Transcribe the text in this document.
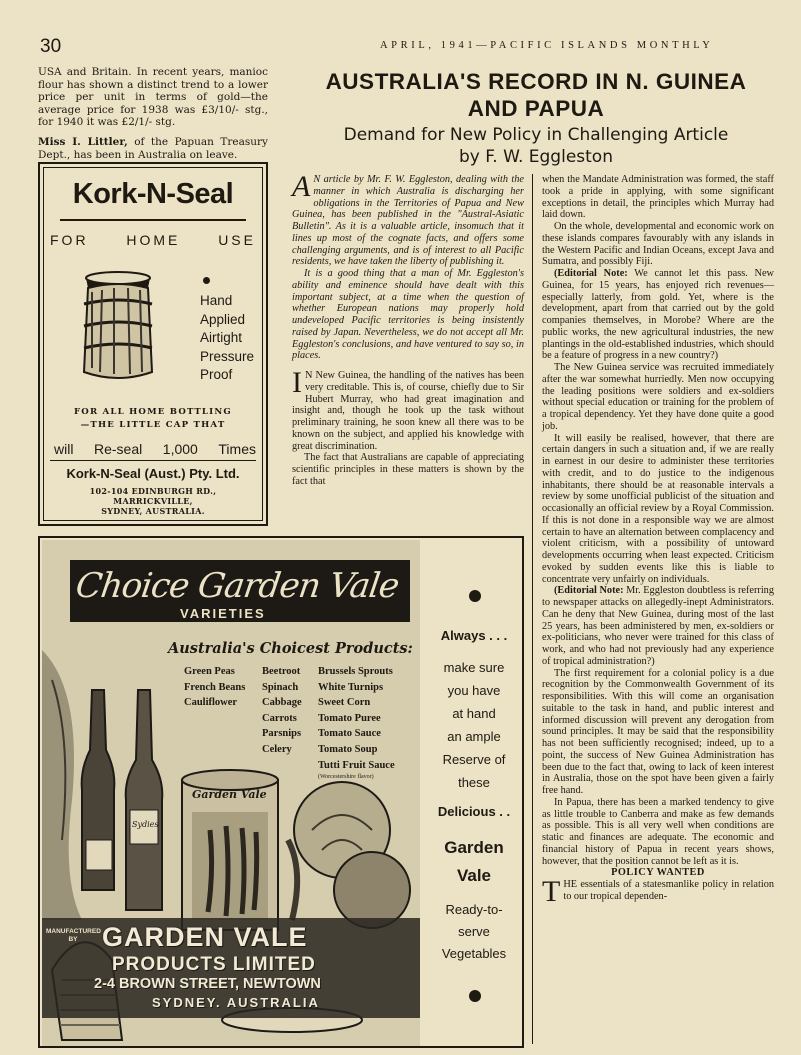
30	APRIL, 1941—PACIFIC ISLANDS MONTHLY

USA and Britain. In recent years, manioc flour has shown a distinct trend to a lower price per unit in terms of gold—the average price for 1938 was £3/10/- stg., for 1940 it was £2/1/- stg.

Miss I. Littler, of the Papuan Treasury Dept., has been in Australia on leave.

Kork-N-Seal
FOR	HOME	USE
Hand
Applied
Airtight
Pressure
Proof
FOR ALL HOME BOTTLING
—THE LITTLE CAP THAT
will Re-seal 1,000 Times
Kork-N-Seal (Aust.) Pty. Ltd.
102-104 EDINBURGH RD.,
MARRICKVILLE,
SYDNEY, AUSTRALIA.
Choice Garden Vale
VARIETIES
Australia's Choicest Products:
Green Peas
French Beans
Cauliflower
Beetroot
Spinach
Cabbage
Carrots
Parsnips
Celery
Brussels Sprouts
White Turnips
Sweet Corn
Tomato Puree
Tomato Sauce
Tomato Soup
Tutti Fruit Sauce
(Worcestershire flavor)
Garden Vale
Sydies
MANUFACTURED BY GARDEN VALE
PRODUCTS LIMITED
2-4 BROWN STREET, NEWTOWN
SYDNEY. AUSTRALIA
Always . . .
make sure
you have
at hand
an ample
Reserve of
these
Delicious . .
Garden
Vale
Ready-to-
serve
Vegetables
AUSTRALIA'S RECORD IN N. GUINEA
AND PAPUA
Demand for New Policy in Challenging Article
by F. W. Eggleston

A N article by Mr. F. W. Eggleston, dealing with the manner in which Australia is discharging her obligations in the Territories of Papua and New Guinea, has been published in the "Austral-Asiatic Bulletin". As it is a valuable article, insomuch that it lines up most of the cognate facts, and offers some challenging arguments, and is of interest to all Pacific residents, we have taken the liberty of publishing it.

It is a good thing that a man of Mr. Eggleston's ability and eminence should have dealt with this important subject, at a time when the question of whether European nations may properly hold undeveloped Pacific territories is being insistently raised by Japan. Nevertheless, we do not accept all Mr. Eggleston's conclusions, and have ventured to say so, in places.

I N New Guinea, the handling of the natives has been very creditable. This is, of course, chiefly due to Sir Hubert Murray, who had great imagination and insight and, though he took up the task without preliminary training, he soon knew all there was to be known on the subject, and applied his knowledge with great discrimination.

The fact that Australians are capable of appreciating scientific principles in these matters is shown by the fact that

when the Mandate Administration was formed, the staff took a pride in applying, with some significant exceptions in detail, the principles which Murray had laid down.

On the whole, developmental and economic work on these islands compares favourably with any islands in the Western Pacific and Indian Oceans, except Java and Sumatra, and possibly Fiji.

(Editorial Note: We cannot let this pass. New Guinea, for 15 years, has enjoyed rich revenues—especially latterly, from gold. Yet, where is the development, apart from that carried out by the gold companies themselves, in Morobe? Where are the public works, the new agricultural industries, the new plantings in the old-established industries, which should be a feature of progress in a new country?)

The New Guinea service was recruited immediately after the war somewhat hurriedly. Men now occupying the leading positions were soldiers and ex-soldiers without special education or training for the problem of a tropical dependency. Yet they have done quite a good job.

It will easily be realised, however, that there are certain dangers in such a situation and, if we are really in earnest in our desire to administer these territories with credit, and to do justice to the indigenous inhabitants, there should be at reasonable intervals a review by some unofficial publicist of the situation and occasionally an official review by a Royal Commission. If this is not done in a responsible way we are almost certain to have an alternation between complacency and violent criticism, with a possibility of untoward developments occurring when least expected. Criticism evoked by sudden events like this is liable to concentrate very unfairly on individuals.

(Editorial Note: Mr. Eggleston doubtless is referring to newspaper attacks on allegedly-inept Administrators. Can he deny that New Guinea, during most of the last 25 years, has been administered by men, ex-soldiers or ex-politicians, who never were trained for this class of work, and who had not previously had any experience of tropical administration?)

The first requirement for a colonial policy is a due recognition by the Commonwealth Government of its responsibilities. With this will come an organisation suitable to the task in hand, and public interest and informed discussion will prevent any derogation from sound principles. It may be said that the responsibility has not been sufficiently recognised; indeed, up to a point, the success of New Guinea Administration has been due to the fact that, owing to lack of keen interest in Australia, those on the spot have been given a fairly free hand.

In Papua, there has been a marked tendency to give as little trouble to Canberra and make as few demands as possible. This is all very well when conditions are static and finances are adequate. The economic and financial history of Papua in recent years shows, however, that the position cannot be left as it is.

POLICY WANTED

THE essentials of a statesmanlike policy in relation to our tropical dependen-
